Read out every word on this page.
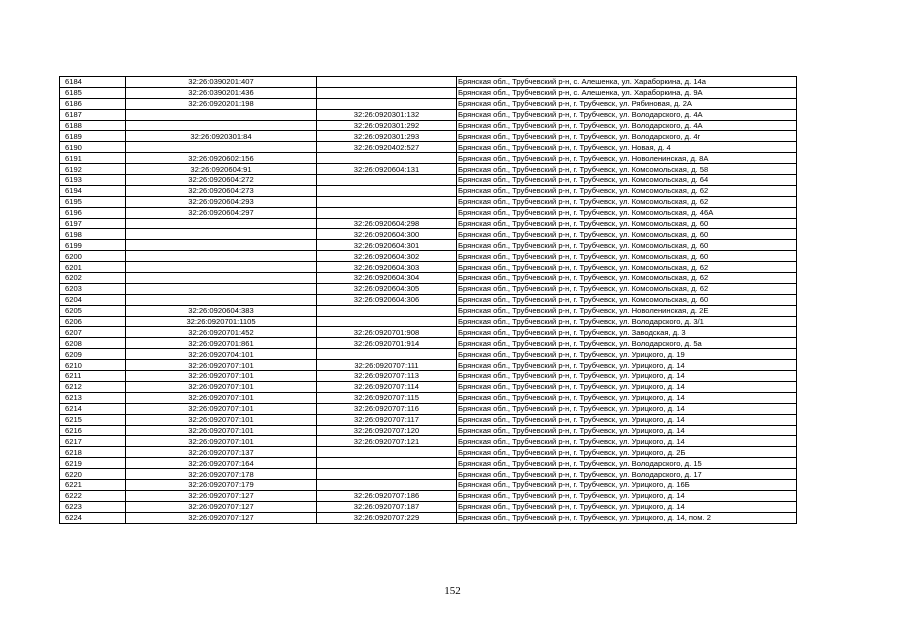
6184	32:26:0390201:407		Брянская обл., Трубчевский р-н, с. Алешенка, ул. Хараборкина, д. 14а
6185	32:26:0390201:436		Брянская обл., Трубчевский р-н, с. Алешенка, ул. Хараборкина, д. 9А
6186	32:26:0920201:198		Брянская обл., Трубчевский р-н, г. Трубчевск, ул. Рябиновая, д. 2А
6187		32:26:0920301:132	Брянская обл., Трубчевский р-н, г. Трубчевск, ул. Володарского, д. 4А
6188		32:26:0920301:292	Брянская обл., Трубчевский р-н, г. Трубчевск, ул. Володарского, д. 4А
6189	32:26:0920301:84	32:26:0920301:293	Брянская обл., Трубчевский р-н, г. Трубчевск, ул. Володарского, д. 4г
6190		32:26:0920402:527	Брянская обл., Трубчевский р-н, г. Трубчевск, ул. Новая, д. 4
6191	32:26:0920602:156		Брянская обл., Трубчевский р-н, г. Трубчевск, ул. Новоленинская, д. 8А
6192	32:26:0920604:91	32:26:0920604:131	Брянская обл., Трубчевский р-н, г. Трубчевск, ул. Комсомольская, д. 58
6193	32:26:0920604:272		Брянская обл., Трубчевский р-н, г. Трубчевск, ул. Комсомольская, д. 64
6194	32:26:0920604:273		Брянская обл., Трубчевский р-н, г. Трубчевск, ул. Комсомольская, д. 62
6195	32:26:0920604:293		Брянская обл., Трубчевский р-н, г. Трубчевск, ул. Комсомольская, д. 62
6196	32:26:0920604:297		Брянская обл., Трубчевский р-н, г. Трубчевск, ул. Комсомольская, д. 46А
6197		32:26:0920604:298	Брянская обл., Трубчевский р-н, г. Трубчевск, ул. Комсомольская, д. 60
6198		32:26:0920604:300	Брянская обл., Трубчевский р-н, г. Трубчевск, ул. Комсомольская, д. 60
6199		32:26:0920604:301	Брянская обл., Трубчевский р-н, г. Трубчевск, ул. Комсомольская, д. 60
6200		32:26:0920604:302	Брянская обл., Трубчевский р-н, г. Трубчевск, ул. Комсомольская, д. 60
6201		32:26:0920604:303	Брянская обл., Трубчевский р-н, г. Трубчевск, ул. Комсомольская, д. 62
6202		32:26:0920604:304	Брянская обл., Трубчевский р-н, г. Трубчевск, ул. Комсомольская, д. 62
6203		32:26:0920604:305	Брянская обл., Трубчевский р-н, г. Трубчевск, ул. Комсомольская, д. 62
6204		32:26:0920604:306	Брянская обл., Трубчевский р-н, г. Трубчевск, ул. Комсомольская, д. 60
6205	32:26:0920604:383		Брянская обл., Трубчевский р-н, г. Трубчевск, ул. Новоленинская, д. 2Е
6206	32:26:0920701:1105		Брянская обл., Трубчевский р-н, г. Трубчевск, ул. Володарского, д. 3/1
6207	32:26:0920701:452	32:26:0920701:908	Брянская обл., Трубчевский р-н, г. Трубчевск, ул. Заводская, д. 3
6208	32:26:0920701:861	32:26:0920701:914	Брянская обл., Трубчевский р-н, г. Трубчевск, ул. Володарского, д. 5а
6209	32:26:0920704:101		Брянская обл., Трубчевский р-н, г. Трубчевск, ул. Урицкого, д. 19
6210	32:26:0920707:101	32:26:0920707:111	Брянская обл., Трубчевский р-н, г. Трубчевск, ул. Урицкого, д. 14
6211	32:26:0920707:101	32:26:0920707:113	Брянская обл., Трубчевский р-н, г. Трубчевск, ул. Урицкого, д. 14
6212	32:26:0920707:101	32:26:0920707:114	Брянская обл., Трубчевский р-н, г. Трубчевск, ул. Урицкого, д. 14
6213	32:26:0920707:101	32:26:0920707:115	Брянская обл., Трубчевский р-н, г. Трубчевск, ул. Урицкого, д. 14
6214	32:26:0920707:101	32:26:0920707:116	Брянская обл., Трубчевский р-н, г. Трубчевск, ул. Урицкого, д. 14
6215	32:26:0920707:101	32:26:0920707:117	Брянская обл., Трубчевский р-н, г. Трубчевск, ул. Урицкого, д. 14
6216	32:26:0920707:101	32:26:0920707:120	Брянская обл., Трубчевский р-н, г. Трубчевск, ул. Урицкого, д. 14
6217	32:26:0920707:101	32:26:0920707:121	Брянская обл., Трубчевский р-н, г. Трубчевск, ул. Урицкого, д. 14
6218	32:26:0920707:137		Брянская обл., Трубчевский р-н, г. Трубчевск, ул. Урицкого, д. 2Б
6219	32:26:0920707:164		Брянская обл., Трубчевский р-н, г. Трубчевск, ул. Володарского, д. 15
6220	32:26:0920707:178		Брянская обл., Трубчевский р-н, г. Трубчевск, ул. Володарского, д. 17
6221	32:26:0920707:179		Брянская обл., Трубчевский р-н, г. Трубчевск, ул. Урицкого, д. 16Б
6222	32:26:0920707:127	32:26:0920707:186	Брянская обл., Трубчевский р-н, г. Трубчевск, ул. Урицкого, д. 14
6223	32:26:0920707:127	32:26:0920707:187	Брянская обл., Трубчевский р-н, г. Трубчевск, ул. Урицкого, д. 14
6224	32:26:0920707:127	32:26:0920707:229	Брянская обл., Трубчевский р-н, г. Трубчевск, ул. Урицкого, д. 14, пом. 2
152
